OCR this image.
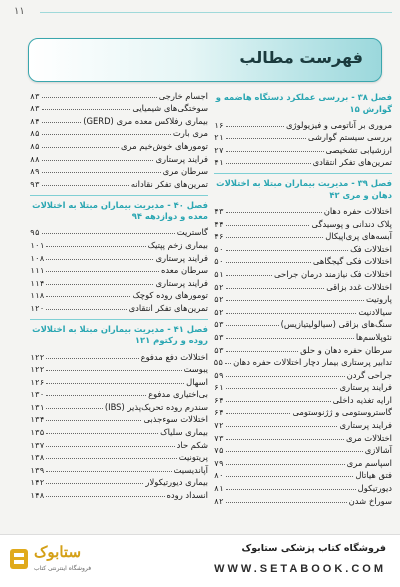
۱۱
فهرست مطالب
فصل ۳۸ - بررسی عملکرد دستگاه هاضمه و گوارش ۱۵
مروری بر آناتومی و فیزیولوژی
۱۶
بررسی سیستم گوارشی
۲۱
ارزشیابی تشخیصی
۲۷
تمرین‌های تفکر انتقادی
۴۱
فصل ۳۹ - مدیریت بیماران مبتلا به اختلالات دهان و مری ۴۲
اختلالات حفره دهان
۴۳
پلاک دندانی و پوسیدگی
۴۴
آبسه‌های پری‌اپیکال
۴۶
اختلالات فک
۵۰
اختلالات فکی گیجگاهی
۵۰
اختلالات فک نیازمند درمان جراحی
۵۱
اختلالات غدد بزاقی
۵۲
پاروتیت
۵۲
سیالادنیت
۵۲
سنگ‌های بزاقی (سیالولیتیازیس)
۵۳
نئوپلاسم‌ها
۵۳
سرطان حفره دهان و حلق
۵۳
تدابیر پرستاری بیمار دچار اختلالات حفره دهان
۵۵
جراحی گردن
۵۹
فرایند پرستاری
۶۱
ارایه تغذیه داخلی
۶۴
گاستروستومی و ژژنوستومی
۶۴
فرایند پرستاری
۷۲
اختلالات مری
۷۳
آشالازی
۷۵
اسپاسم مری
۷۹
فتق هیاتال
۸۰
دیورتیکول
۸۱
سوراخ شدن
۸۲
اجسام خارجی
۸۳
سوختگی‌های شیمیایی
۸۳
بیماری رفلاکس معده مری (GERD)
۸۴
مری بارت
۸۵
تومورهای خوش‌خیم مری
۸۵
فرایند پرستاری
۸۸
سرطان مری
۸۹
تمرین‌های تفکر نقادانه
۹۳
فصل ۴۰ - مدیریت بیماران مبتلا به اختلالات معده و دوازدهه ۹۴
گاستریت
۹۵
بیماری زخم پپتیک
۱۰۱
فرایند پرستاری
۱۰۸
سرطان معده
۱۱۱
فرایند پرستاری
۱۱۴
تومورهای روده کوچک
۱۱۸
تمرین‌های تفکر انتقادی
۱۲۰
فصل ۴۱ - مدیریت بیماران مبتلا به اختلالات روده و رکتوم ۱۲۱
اختلالات دفع مدفوع
۱۲۲
یبوست
۱۲۲
اسهال
۱۲۶
بی‌اختیاری مدفوع
۱۳۰
سندرم روده تحریک‌پذیر (IBS)
۱۳۱
اختلالات سوءجذبی
۱۳۴
بیماری سلیاک
۱۳۵
شکم حاد
۱۳۷
پریتونیت
۱۳۸
آپاندیسیت
۱۳۹
بیماری دیورتیکولار
۱۴۲
انسداد روده
۱۴۸
ستابوک
فروشگاه اینترنتی کتاب
فروشگاه کتاب پزشکی ستابوک
WWW.SETABOOK.COM
